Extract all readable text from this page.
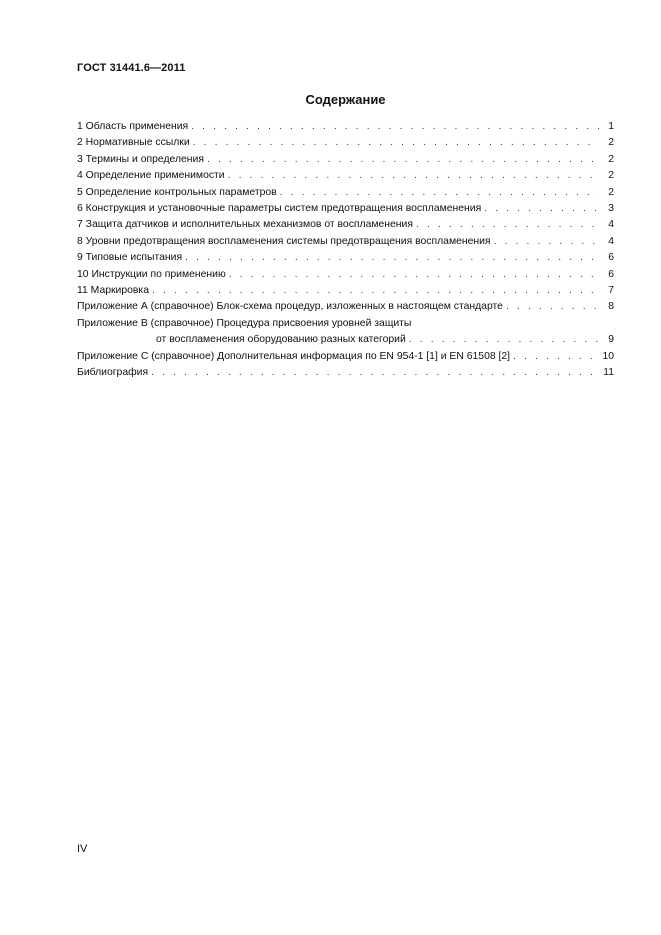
ГОСТ 31441.6—2011
Содержание
1 Область применения . . .	1
2 Нормативные ссылки . . .	2
3 Термины и определения . . .	2
4 Определение применимости . . .	2
5 Определение контрольных параметров . . .	2
6 Конструкция и установочные параметры систем предотвращения воспламенения . . .	3
7 Защита датчиков и исполнительных механизмов от воспламенения . . .	4
8 Уровни предотвращения воспламенения системы предотвращения воспламенения . . .	4
9 Типовые испытания . . .	6
10 Инструкции по применению . . .	6
11 Маркировка . . .	7
Приложение А (справочное) Блок-схема процедур, изложенных в настоящем стандарте . . .	8
Приложение В (справочное) Процедура присвоения уровней защиты
от воспламенения оборудованию разных категорий . . .	9
Приложение С (справочное) Дополнительная информация по EN 954-1 [1] и EN 61508 [2] . . .	10
Библиография . . .	11
IV
